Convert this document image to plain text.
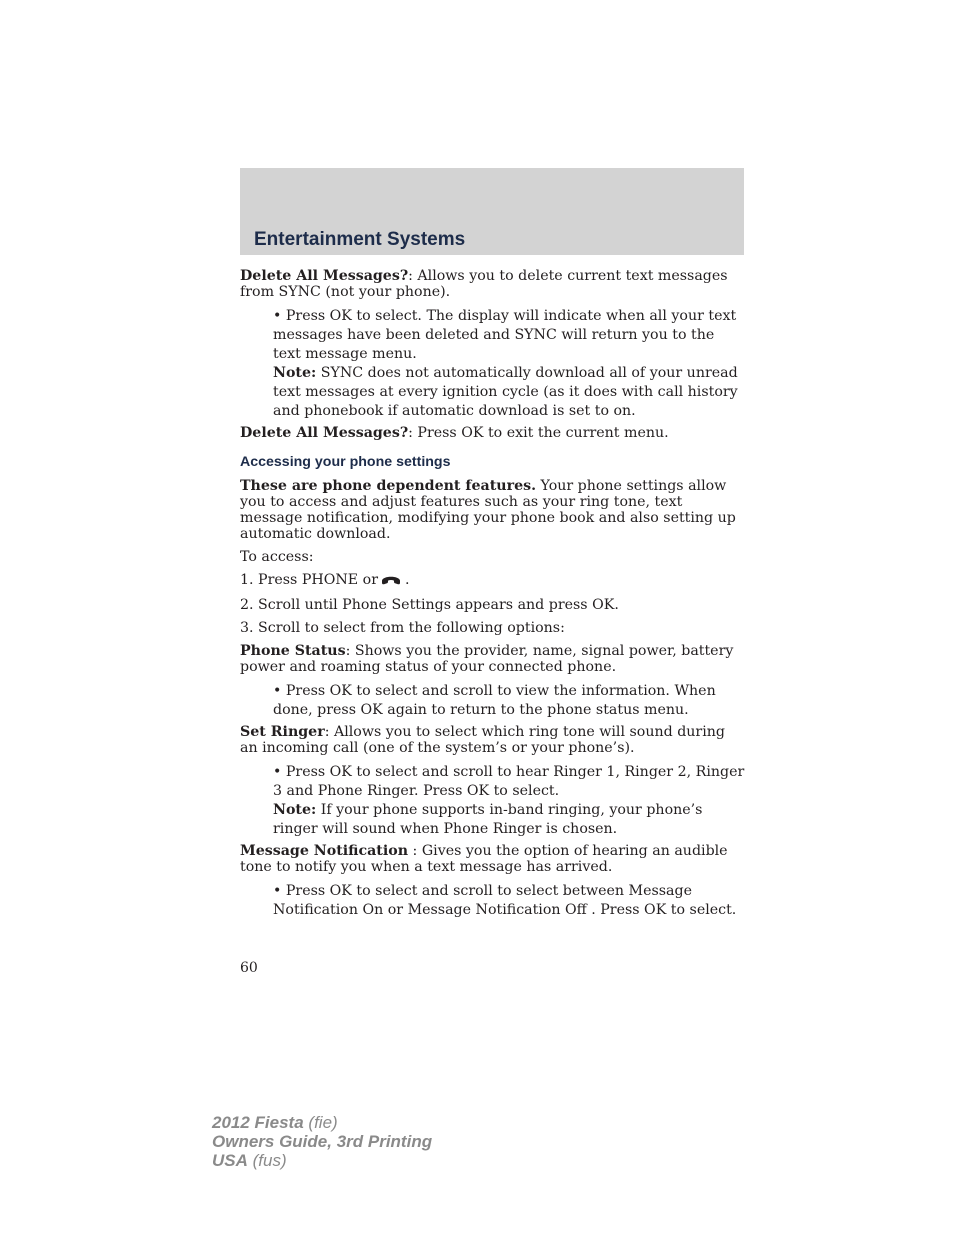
Entertainment Systems

Delete All Messages?: Allows you to delete current text messages from SYNC (not your phone).

• Press OK to select. The display will indicate when all your text messages have been deleted and SYNC will return you to the text message menu.

Note: SYNC does not automatically download all of your unread text messages at every ignition cycle (as it does with call history and phonebook if automatic download is set to on.

Delete All Messages?: Press OK to exit the current menu.

Accessing your phone settings

These are phone dependent features. Your phone settings allow you to access and adjust features such as your ring tone, text message notification, modifying your phone book and also setting up automatic download.

To access:

1. Press PHONE or .

2. Scroll until Phone Settings appears and press OK.

3. Scroll to select from the following options:

Phone Status: Shows you the provider, name, signal power, battery power and roaming status of your connected phone.

• Press OK to select and scroll to view the information. When done, press OK again to return to the phone status menu.

Set Ringer: Allows you to select which ring tone will sound during an incoming call (one of the system’s or your phone’s).

• Press OK to select and scroll to hear Ringer 1, Ringer 2, Ringer 3 and Phone Ringer. Press OK to select.

Note: If your phone supports in-band ringing, your phone’s ringer will sound when Phone Ringer is chosen.

Message Notification : Gives you the option of hearing an audible tone to notify you when a text message has arrived.

• Press OK to select and scroll to select between Message Notification On or Message Notification Off . Press OK to select.

60
2012 Fiesta (fie)
Owners Guide, 3rd Printing
USA (fus)
